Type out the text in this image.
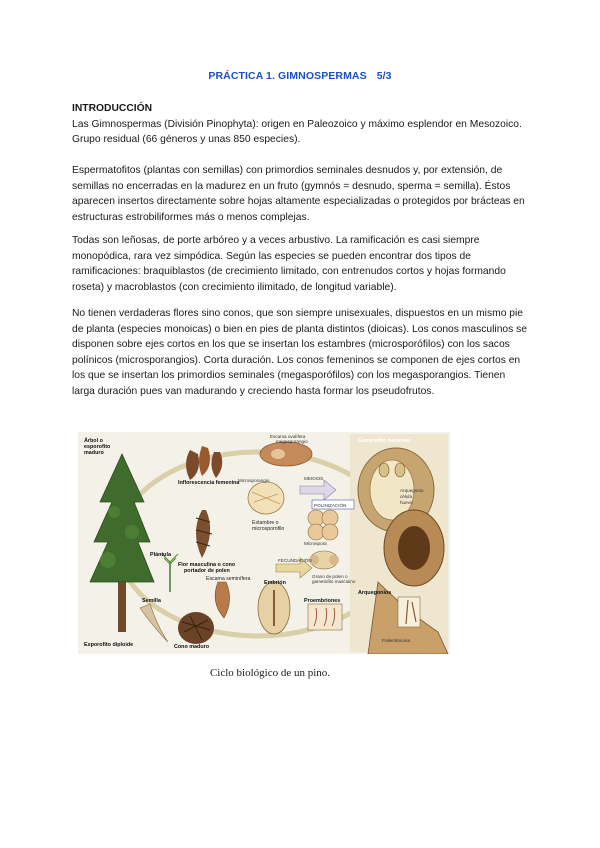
PRÁCTICA 1. GIMNOSPERMAS 5/3
INTRODUCCIÓN
Las Gimnospermas (División Pinophyta): origen en Paleozoico y máximo esplendor en Mesozoico. Grupo residual (66 géneros y unas 850 especies).

Espermatofitos (plantas con semillas) con primordios seminales desnudos y, por extensión, de semillas no encerradas en la madurez en un fruto (gymnós = desnudo, sperma = semilla). Éstos aparecen insertos directamente sobre hojas altamente especializadas o protegidos por brácteas en estructuras estrobiliformes más o menos complejas.

Todas son leñosas, de porte arbóreo y a veces arbustivo. La ramificación es casi siempre monopódica, rara vez simpódica. Según las especies se pueden encontrar dos tipos de ramificaciones: braquiblastos (de crecimiento limitado, con entrenudos cortos y hojas formando roseta) y macroblastos (con crecimiento ilimitado, de longitud variable).

No tienen verdaderas flores sino conos, que son siempre unisexuales, dispuestos en un mismo pie de planta (especies monoicas) o bien en pies de planta distintos (dioicas). Los conos masculinos se disponen sobre ejes cortos en los que se insertan los estambres (microsporófilos) con los sacos polínicos (microsporangios). Corta duración. Los conos femeninos se componen de ejes cortos en los que se insertan los primordios seminales (megasporófilos) con los megasporangios. Tienen larga duración pues van madurando y creciendo hasta formar los pseudofrutos.

Árbol o
esporofito
maduro
Inflorescencia femenina
Escama ovulífera
megasporangio	Gametofito haploide
MEIOSIS
Microsporangio
Estambre o
microsporofilo
POLINIZACIÓN
Arquegonio
célula
huevo
Flor masculina o cono
portador de polen
Microspora
Grano de polen o
gametofito masculino
Arquegonios
Escama seminífera
FECUNDACIÓN
Plántula
Semilla
Embrión
Proembriones
Esporofito diploide	Cono maduro
Poliembrionía
Ciclo biológico de un pino.
